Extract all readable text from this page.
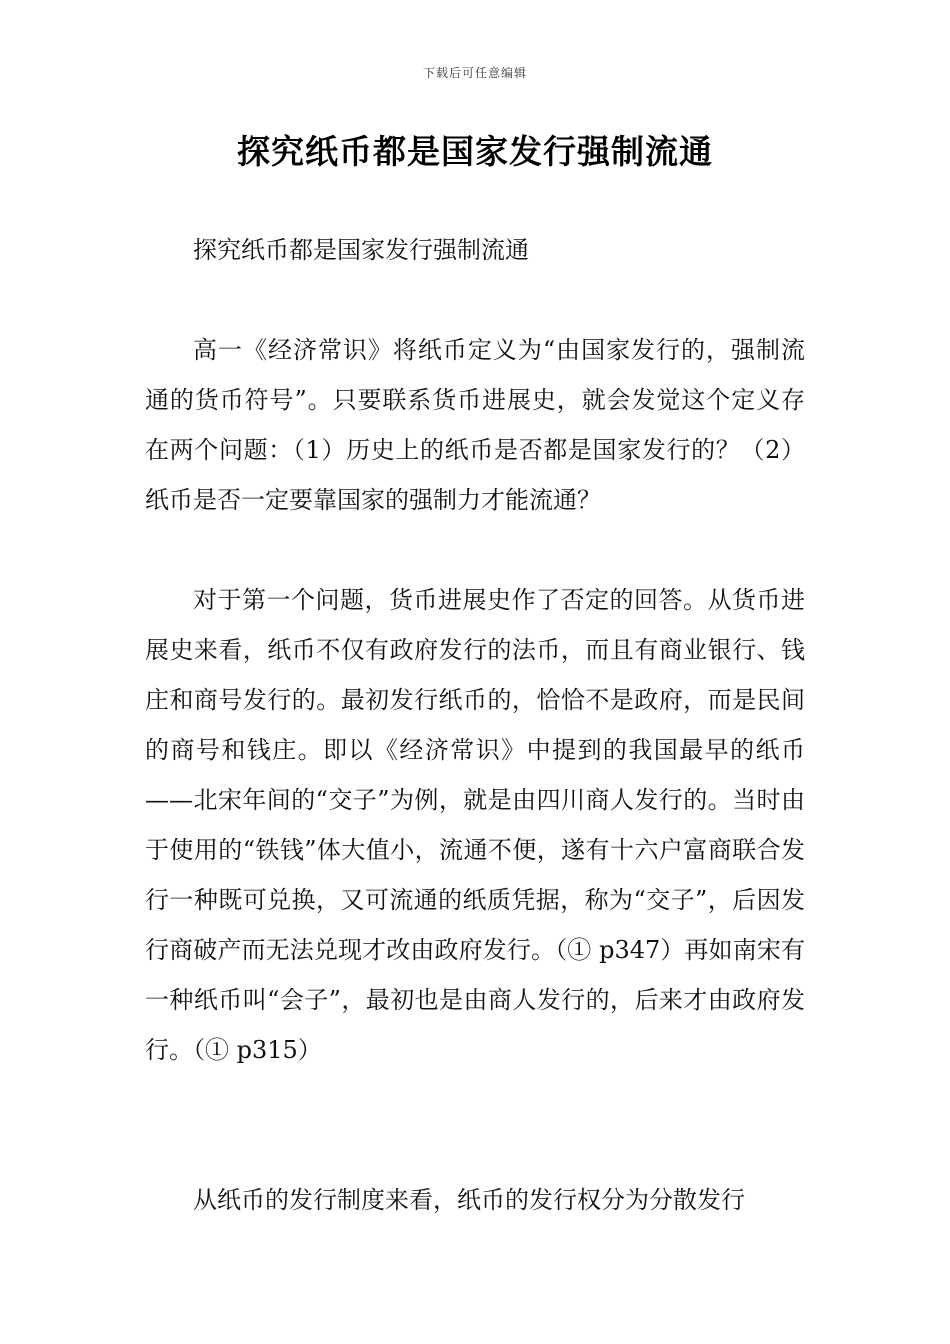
下载后可任意编辑
探究纸币都是国家发行强制流通

探究纸币都是国家发行强制流通

高一《经济常识》将纸币定义为“由国家发行的，强制流通的货币符号”。只要联系货币进展史，就会发觉这个定义存在两个问题：（1）历史上的纸币是否都是国家发行的？（2）纸币是否一定要靠国家的强制力才能流通？

对于第一个问题，货币进展史作了否定的回答。从货币进展史来看，纸币不仅有政府发行的法币，而且有商业银行、钱庄和商号发行的。最初发行纸币的，恰恰不是政府，而是民间的商号和钱庄。即以《经济常识》中提到的我国最早的纸币——北宋年间的“交子”为例，就是由四川商人发行的。当时由于使用的“铁钱”体大值小，流通不便，遂有十六户富商联合发行一种既可兑换，又可流通的纸质凭据，称为“交子”，后因发行商破产而无法兑现才改由政府发行。（① p347）再如南宋有一种纸币叫“会子”，最初也是由商人发行的，后来才由政府发行。（① p315）

从纸币的发行制度来看，纸币的发行权分为分散发行
